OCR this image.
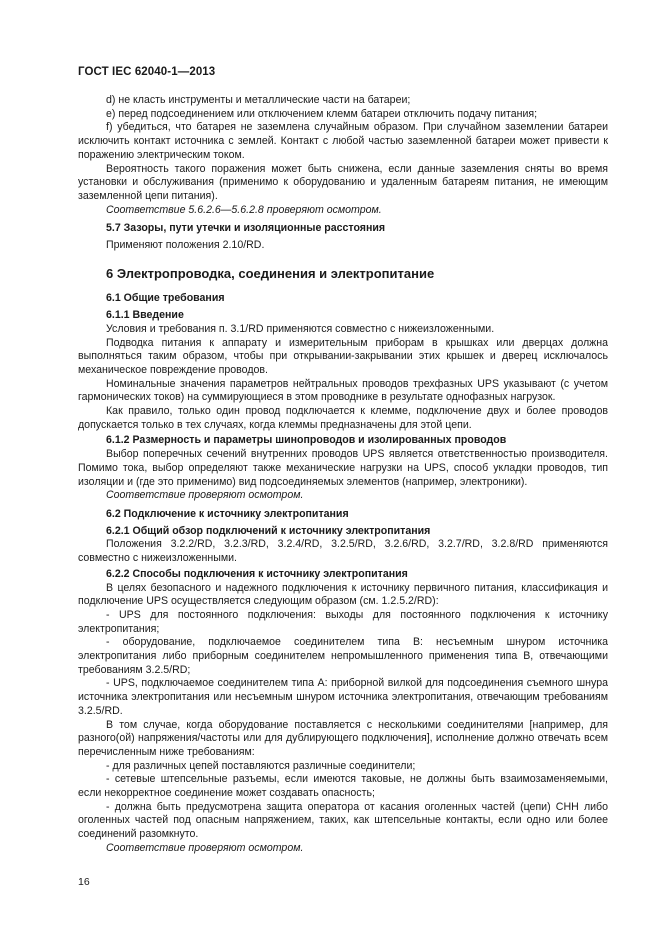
ГОСТ IEC 62040-1—2013

d) не класть инструменты и металлические части на батареи;

e) перед подсоединением или отключением клемм батареи отключить подачу питания;

f) убедиться, что батарея не заземлена случайным образом. При случайном заземлении батареи исключить контакт источника с землей. Контакт с любой частью заземленной батареи может привести к поражению электрическим током.

Вероятность такого поражения может быть снижена, если данные заземления сняты во время установки и обслуживания (применимо к оборудованию и удаленным батареям питания, не имеющим заземленной цепи питания).

Соответствие 5.6.2.6—5.6.2.8 проверяют осмотром.

5.7 Зазоры, пути утечки и изоляционные расстояния

Применяют положения 2.10/RD.

6 Электропроводка, соединения и электропитание
6.1 Общие требования
6.1.1 Введение

Условия и требования п. 3.1/RD применяются совместно с нижеизложенными.

Подводка питания к аппарату и измерительным приборам в крышках или дверцах должна выполняться таким образом, чтобы при открывании-закрывании этих крышек и дверец исключалось механическое повреждение проводов.

Номинальные значения параметров нейтральных проводов трехфазных UPS указывают (с учетом гармонических токов) на суммирующиеся в этом проводнике в результате однофазных нагрузок.

Как правило, только один провод подключается к клемме, подключение двух и более проводов допускается только в тех случаях, когда клеммы предназначены для этой цепи.

6.1.2 Размерность и параметры шинопроводов и изолированных проводов

Выбор поперечных сечений внутренних проводов UPS является ответственностью производителя. Помимо тока, выбор определяют также механические нагрузки на UPS, способ укладки проводов, тип изоляции и (где это применимо) вид подсоединяемых элементов (например, электроники).

Соответствие проверяют осмотром.

6.2 Подключение к источнику электропитания
6.2.1 Общий обзор подключений к источнику электропитания

Положения 3.2.2/RD, 3.2.3/RD, 3.2.4/RD, 3.2.5/RD, 3.2.6/RD, 3.2.7/RD, 3.2.8/RD применяются совместно с нижеизложенными.

6.2.2 Способы подключения к источнику электропитания

В целях безопасного и надежного подключения к источнику первичного питания, классификация и подключение UPS осуществляется следующим образом (см. 1.2.5.2/RD):

- UPS для постоянного подключения: выходы для постоянного подключения к источнику электропитания;

- оборудование, подключаемое соединителем типа B: несъемным шнуром источника электропитания либо приборным соединителем непромышленного применения типа B, отвечающими требованиям 3.2.5/RD;

- UPS, подключаемое соединителем типа A: приборной вилкой для подсоединения съемного шнура источника электропитания или несъемным шнуром источника электропитания, отвечающим требованиям 3.2.5/RD.

В том случае, когда оборудование поставляется с несколькими соединителями [например, для разного(ой) напряжения/частоты или для дублирующего подключения], исполнение должно отвечать всем перечисленным ниже требованиям:

- для различных цепей поставляются различные соединители;

- сетевые штепсельные разъемы, если имеются таковые, не должны быть взаимозаменяемыми, если некорректное соединение может создавать опасность;

- должна быть предусмотрена защита оператора от касания оголенных частей (цепи) СНН либо оголенных частей под опасным напряжением, таких, как штепсельные контакты, если одно или более соединений разомкнуто.

Соответствие проверяют осмотром.

16
